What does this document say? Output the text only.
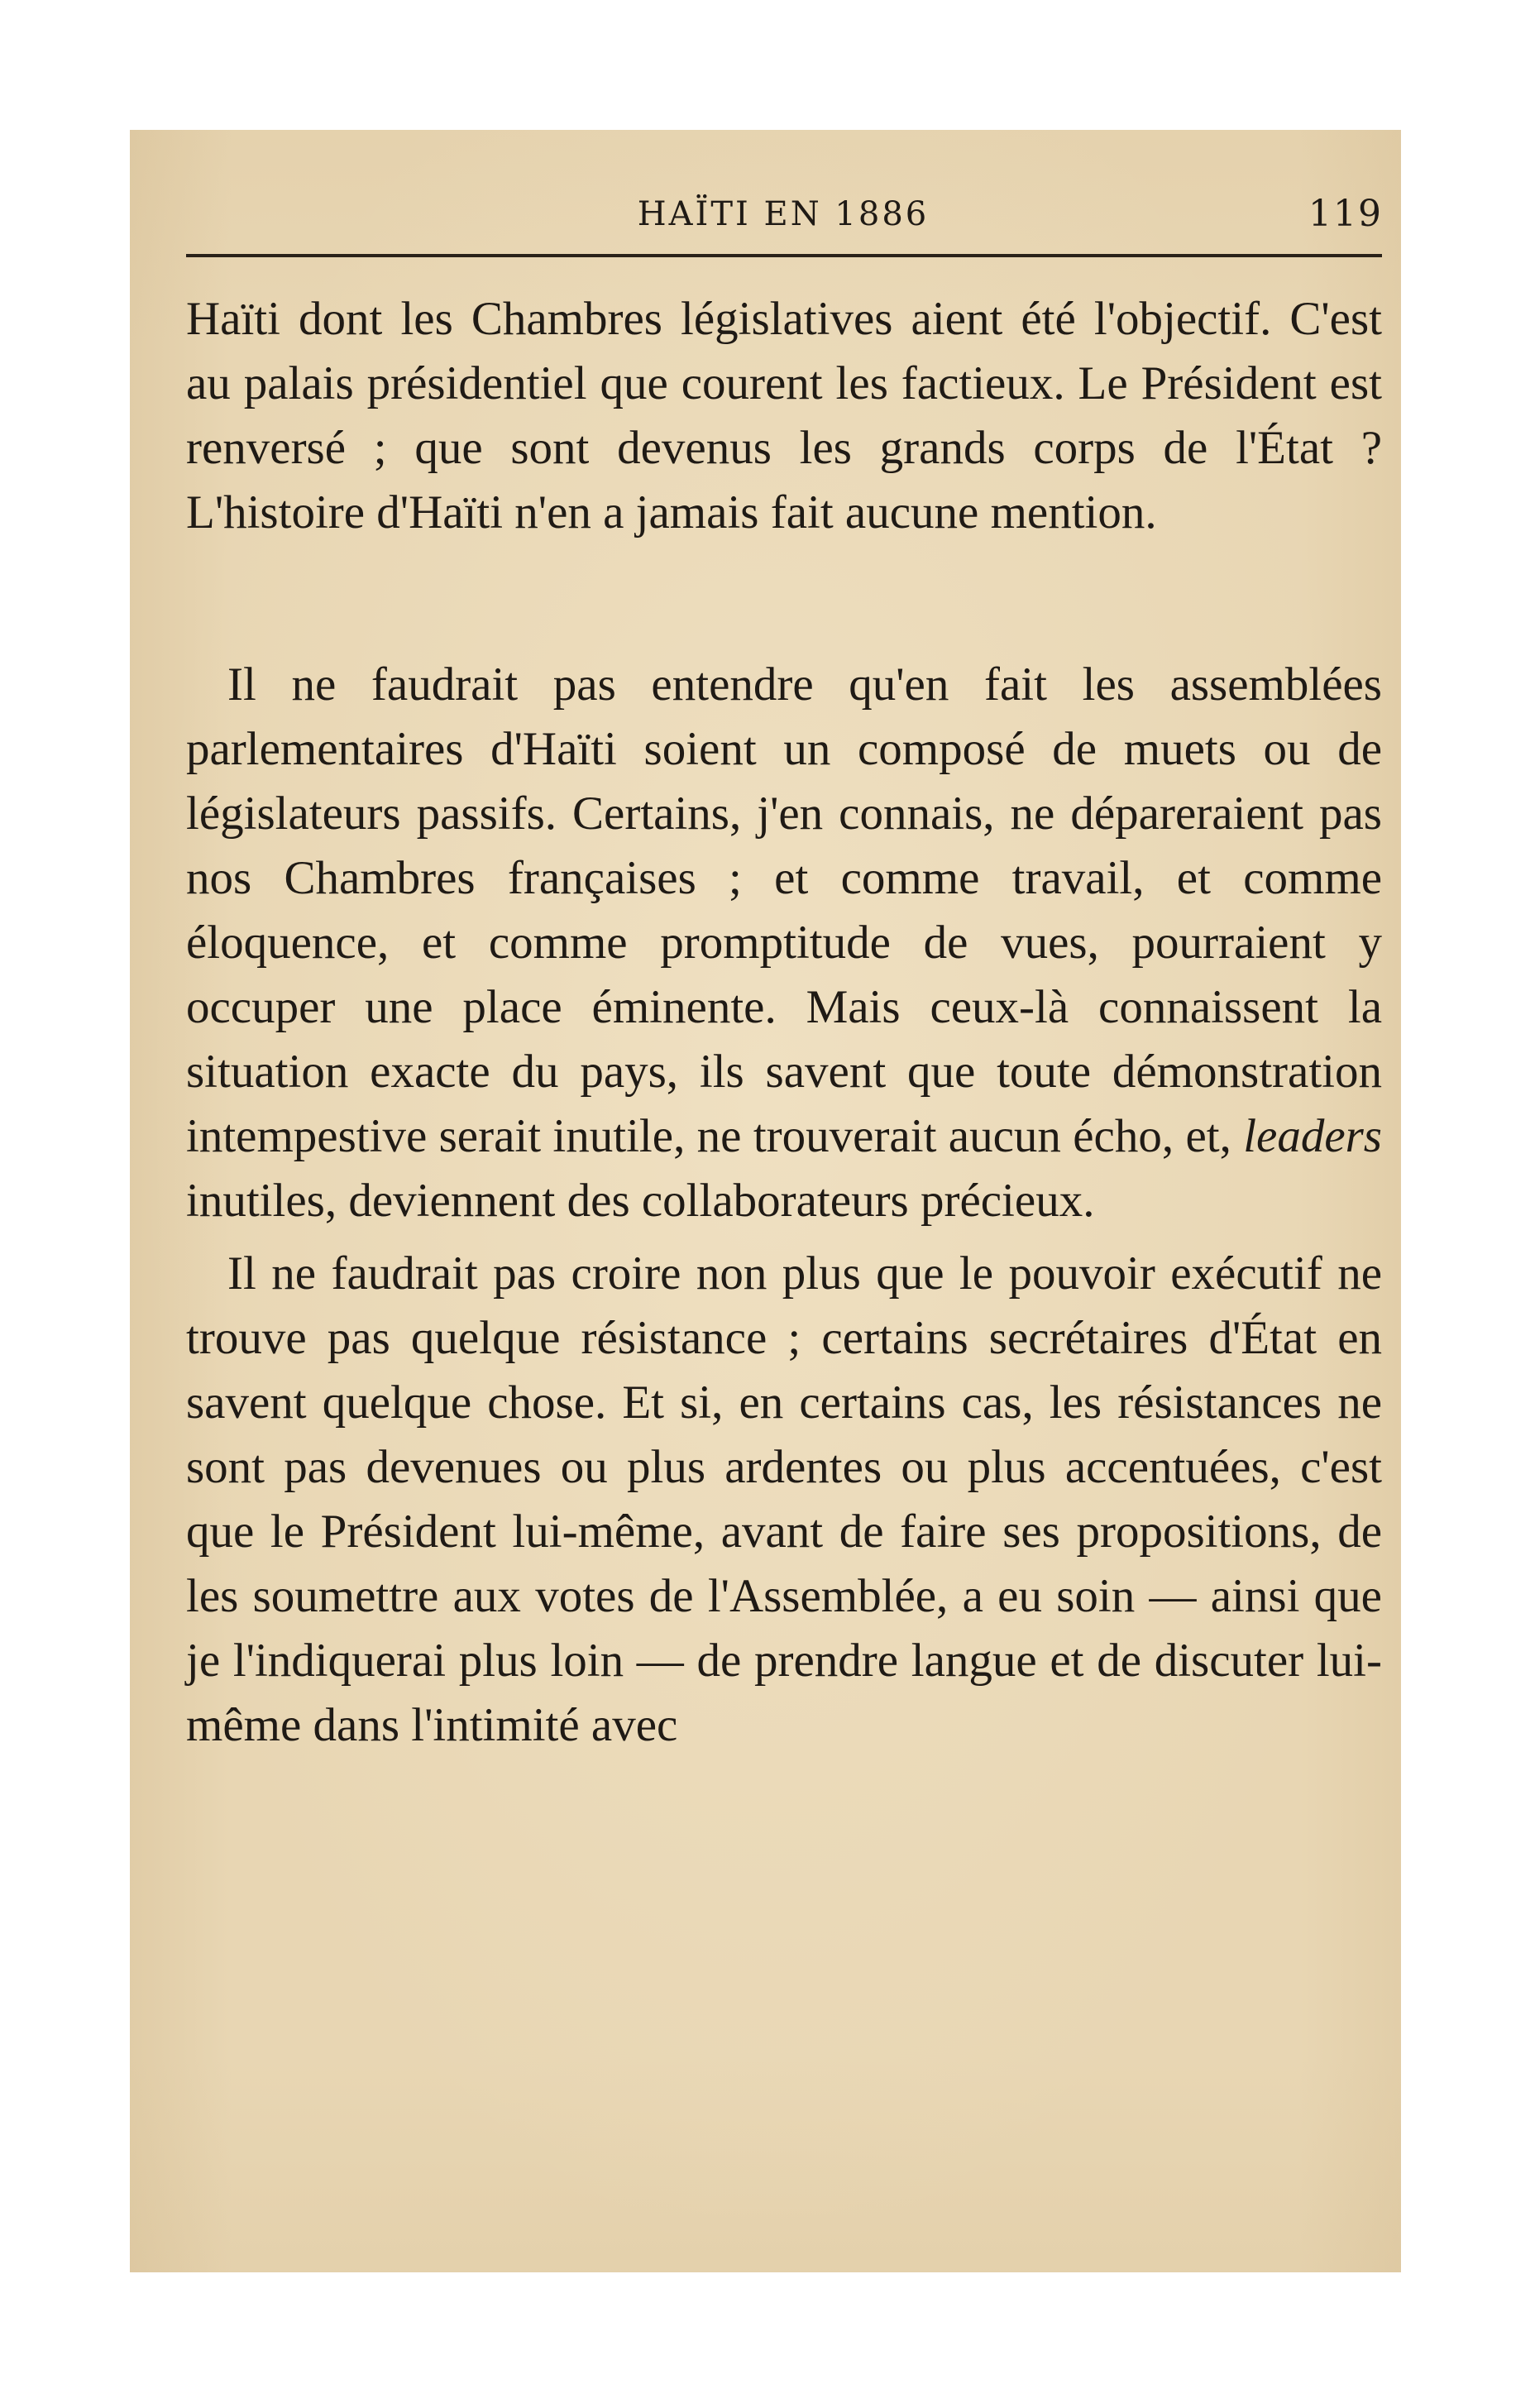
HAÏTI EN 1886	119

Haïti dont les Chambres législatives aient été l'objectif. C'est au palais présidentiel que courent les factieux. Le Président est renversé ; que sont devenus les grands corps de l'État ? L'histoire d'Haïti n'en a jamais fait aucune mention.

Il ne faudrait pas entendre qu'en fait les assemblées parlementaires d'Haïti soient un composé de muets ou de législateurs passifs. Certains, j'en connais, ne dépareraient pas nos Chambres françaises ; et comme travail, et comme éloquence, et comme promptitude de vues, pourraient y occuper une place éminente. Mais ceux-là connaissent la situation exacte du pays, ils savent que toute démonstration intempestive serait inutile, ne trouverait aucun écho, et, leaders inutiles, deviennent des collaborateurs précieux.

Il ne faudrait pas croire non plus que le pouvoir exécutif ne trouve pas quelque résistance ; certains secrétaires d'État en savent quelque chose. Et si, en certains cas, les résistances ne sont pas devenues ou plus ardentes ou plus accentuées, c'est que le Président lui-même, avant de faire ses propositions, de les soumettre aux votes de l'Assemblée, a eu soin — ainsi que je l'indiquerai plus loin — de prendre langue et de discuter lui-même dans l'intimité avec
